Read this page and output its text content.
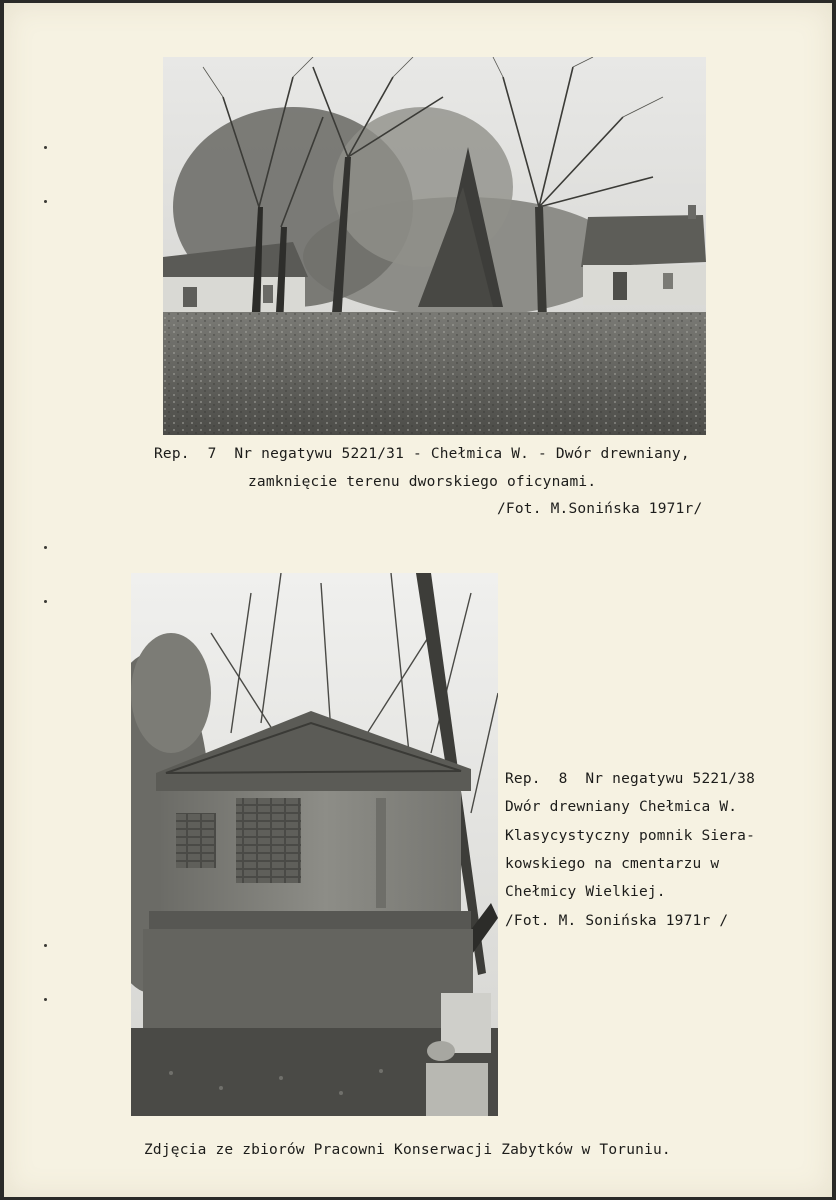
Rep.  7  Nr negatywu 5221/31 - Chełmica W. - Dwór drewniany,

zamknięcie terenu dworskiego oficynami.

/Fot. M.Sonińska 1971r/

Rep.  8  Nr negatywu 5221/38

Dwór drewniany Chełmica W.

Klasycystyczny pomnik Siera-

kowskiego na cmentarzu w

Chełmicy Wielkiej.

/Fot. M. Sonińska 1971r /

Zdjęcia ze zbiorów Pracowni Konserwacji Zabytków w Toruniu.
